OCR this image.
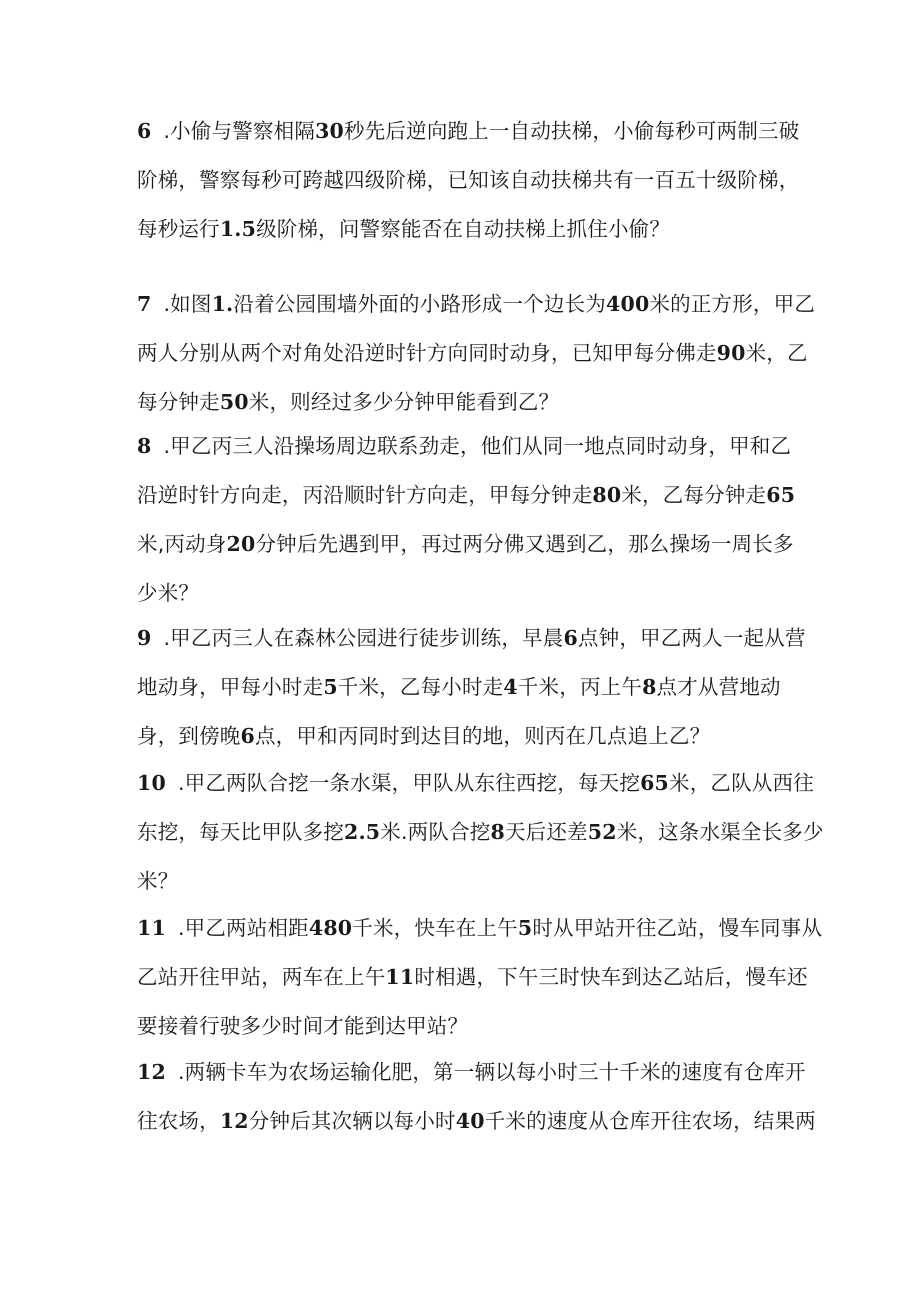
6 .小偷与警察相隔30秒先后逆向跑上一自动扶梯，小偷每秒可两制三破
阶梯，警察每秒可跨越四级阶梯，已知该自动扶梯共有一百五十级阶梯，
每秒运行1.5级阶梯，问警察能否在自动扶梯上抓住小偷？
7 .如图1.沿着公园围墙外面的小路形成一个边长为400米的正方形，甲乙
两人分别从两个对角处沿逆时针方向同时动身，已知甲每分佛走90米，乙
每分钟走50米，则经过多少分钟甲能看到乙？
8 .甲乙丙三人沿操场周边联系劲走，他们从同一地点同时动身，甲和乙
沿逆时针方向走，丙沿顺时针方向走，甲每分钟走80米，乙每分钟走65
米,丙动身20分钟后先遇到甲，再过两分佛又遇到乙，那么操场一周长多
少米？
9 .甲乙丙三人在森林公园进行徒步训练，早晨6点钟，甲乙两人一起从营
地动身，甲每小时走5千米，乙每小时走4千米，丙上午8点才从营地动
身，到傍晚6点，甲和丙同时到达目的地，则丙在几点追上乙？
10 .甲乙两队合挖一条水渠，甲队从东往西挖，每天挖65米，乙队从西往
东挖，每天比甲队多挖2.5米.两队合挖8天后还差52米，这条水渠全长多少
米？
11 .甲乙两站相距480千米，快车在上午5时从甲站开往乙站，慢车同事从
乙站开往甲站，两车在上午11时相遇，下午三时快车到达乙站后，慢车还
要接着行驶多少时间才能到达甲站？
12 .两辆卡车为农场运输化肥，第一辆以每小时三十千米的速度有仓库开
往农场，12分钟后其次辆以每小时40千米的速度从仓库开往农场，结果两
